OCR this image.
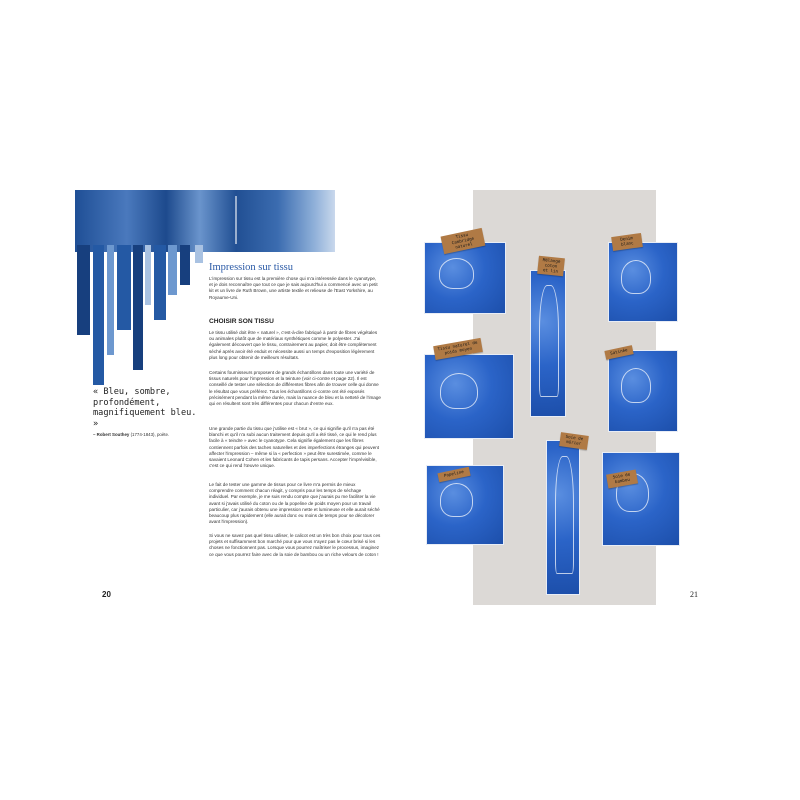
Impression sur tissu

L'impression sur tissu est la première chose qui m'a intéressée dans le cyanotype, et je dois reconnaître que tout ce que je sais aujourd'hui a commencé avec un petit kit et un livre de Ruth Brown, une artiste textile et relieuse de l'East Yorkshire, au Royaume-Uni.

CHOISIR SON TISSU

Le tissu utilisé doit être « naturel », c'est-à-dire fabriqué à partir de fibres végétales ou animales plutôt que de matériaux synthétiques comme le polyester. J'ai également découvert que le tissu, contrairement au papier, doit être complètement séché après avoir été enduit et nécessite aussi un temps d'exposition légèrement plus long pour obtenir de meilleurs résultats.

Certains fournisseurs proposent de grands échantillons dans toute une variété de tissus naturels pour l'impression et la teinture (voir ci-contre et page 22). Il est conseillé de tester une sélection de différentes fibres afin de trouver celle qui donne le résultat que vous préférez. Tous les échantillons ci-contre ont été exposés précisément pendant la même durée, mais la nuance de bleu et la netteté de l'image qui en résultent sont très différentes pour chacun d'entre eux.

Une grande partie du tissu que j'utilise est « brut », ce qui signifie qu'il n'a pas été blanchi et qu'il n'a subi aucun traitement depuis qu'il a été tissé, ce qui le rend plus facile à « teindre » avec le cyanotype. Cela signifie également que les fibres contiennent parfois des taches naturelles et des imperfections étranges qui peuvent affecter l'impression – même si la « perfection » peut être surestimée, comme le savaient Leonard Cohen et les fabricants de tapis persans. Accepter l'imprévisible, c'est ce qui rend l'œuvre unique.

Le fait de tester une gamme de tissus pour ce livre m'a permis de mieux comprendre comment chacun réagit, y compris pour les temps de séchage individuel. Par exemple, je me suis rendu compte que j'aurais pu me faciliter la vie avant si j'avais utilisé du coton ou de la popeline de poids moyen pour un travail particulier, car j'aurais obtenu une impression nette et lumineuse et elle aurait séché beaucoup plus rapidement (elle aurait donc eu moins de temps pour se décolorer avant l'impression).

Si vous ne savez pas quel tissu utiliser, le calicot est un très bon choix pour tous ces projets et suffisamment bon marché pour que vous n'ayez pas le cœur brisé si les choses ne fonctionnent pas. Lorsque vous pourrez maîtriser le processus, imaginez ce que vous pourrez faire avec de la soie de bambou ou un riche velours de coton !

« Bleu, sombre, profondément, magnifiquement bleu. »

– Robert Southey (1774-1843), poète.

20
Tissu Cambridge naturel
Mélange coton et lin
Denim blanc
Tissu naturel de poids moyen	Satinée
Soie de mûrier
Popeline	Soie de bambou
21
